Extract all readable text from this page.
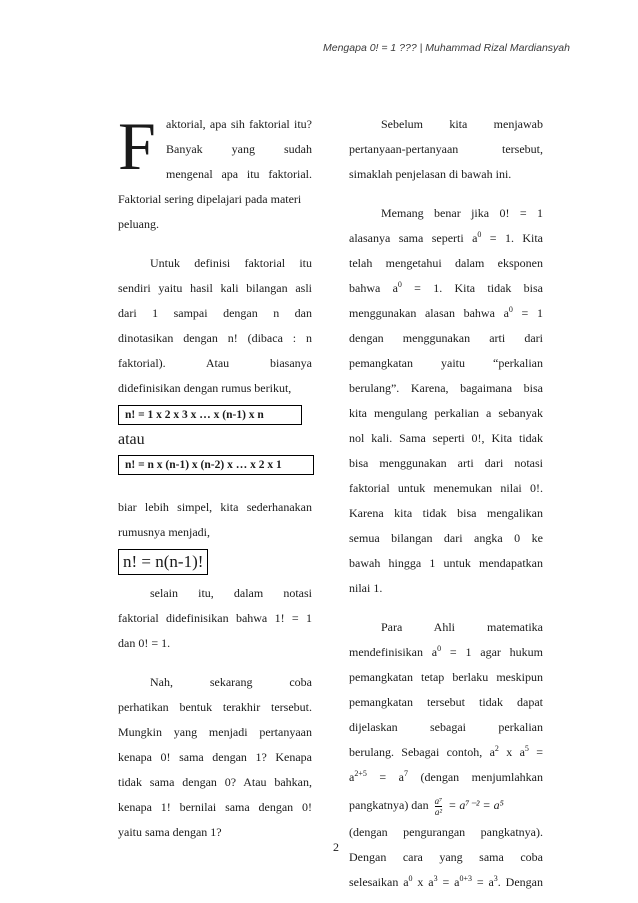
Mengapa 0! = 1 ??? | Muhammad Rizal Mardiansyah
F aktorial, apa sih faktorial itu?
Banyak yang sudah
mengenal apa itu faktorial.
Faktorial sering dipelajari pada materi
peluang.
Untuk definisi faktorial itu
sendiri yaitu hasil kali bilangan asli
dari 1 sampai dengan n dan
dinotasikan dengan n! (dibaca : n
faktorial). Atau biasanya
didefinisikan dengan rumus berikut,
n! = 1 x 2 x 3 x … x (n-1) x n
atau
n! = n x (n-1) x (n-2) x … x 2 x 1
biar lebih simpel, kita sederhanakan
rumusnya menjadi,
n! = n(n-1)!
selain itu, dalam notasi
faktorial didefinisikan bahwa 1! = 1
dan 0! = 1.
Nah, sekarang coba
perhatikan bentuk terakhir tersebut.
Mungkin yang menjadi pertanyaan
kenapa 0! sama dengan 1? Kenapa
tidak sama dengan 0? Atau bahkan,
kenapa 1! bernilai sama dengan 0!
yaitu sama dengan 1?
Sebelum kita menjawab
pertanyaan-pertanyaan tersebut,
simaklah penjelasan di bawah ini.
Memang benar jika 0! = 1
alasanya sama seperti $a^0 = 1$. Kita
telah mengetahui dalam eksponen
bahwa $a^0 = 1$. Kita tidak bisa
menggunakan alasan bahwa $a^0 = 1$
dengan menggunakan arti dari
pemangkatan yaitu “perkalian
berulang”. Karena, bagaimana bisa
kita mengulang perkalian a sebanyak
nol kali. Sama seperti 0!, Kita tidak
bisa menggunakan arti dari notasi
faktorial untuk menemukan nilai 0!.
Karena kita tidak bisa mengalikan
semua bilangan dari angka 0 ke
bawah hingga 1 untuk mendapatkan
nilai 1.
Para Ahli matematika
mendefinisikan $a^0 = 1$ agar hukum
pemangkatan tetap berlaku meskipun
pemangkatan tersebut tidak dapat
dijelaskan sebagai perkalian
berulang. Sebagai contoh, $a^2$ x $a^5$ =
$a^{2+5} = a^7$ (dengan menjumlahkan
pangkatnya) dan $\frac{\text{a⁷}}{\text{a²}} = a^{7-2} = a^5$
(dengan pengurangan pangkatnya).
Dengan cara yang sama coba
selesaikan $a^0$ x $a^3 = a^{0+3} = a^3$. Dengan
2
